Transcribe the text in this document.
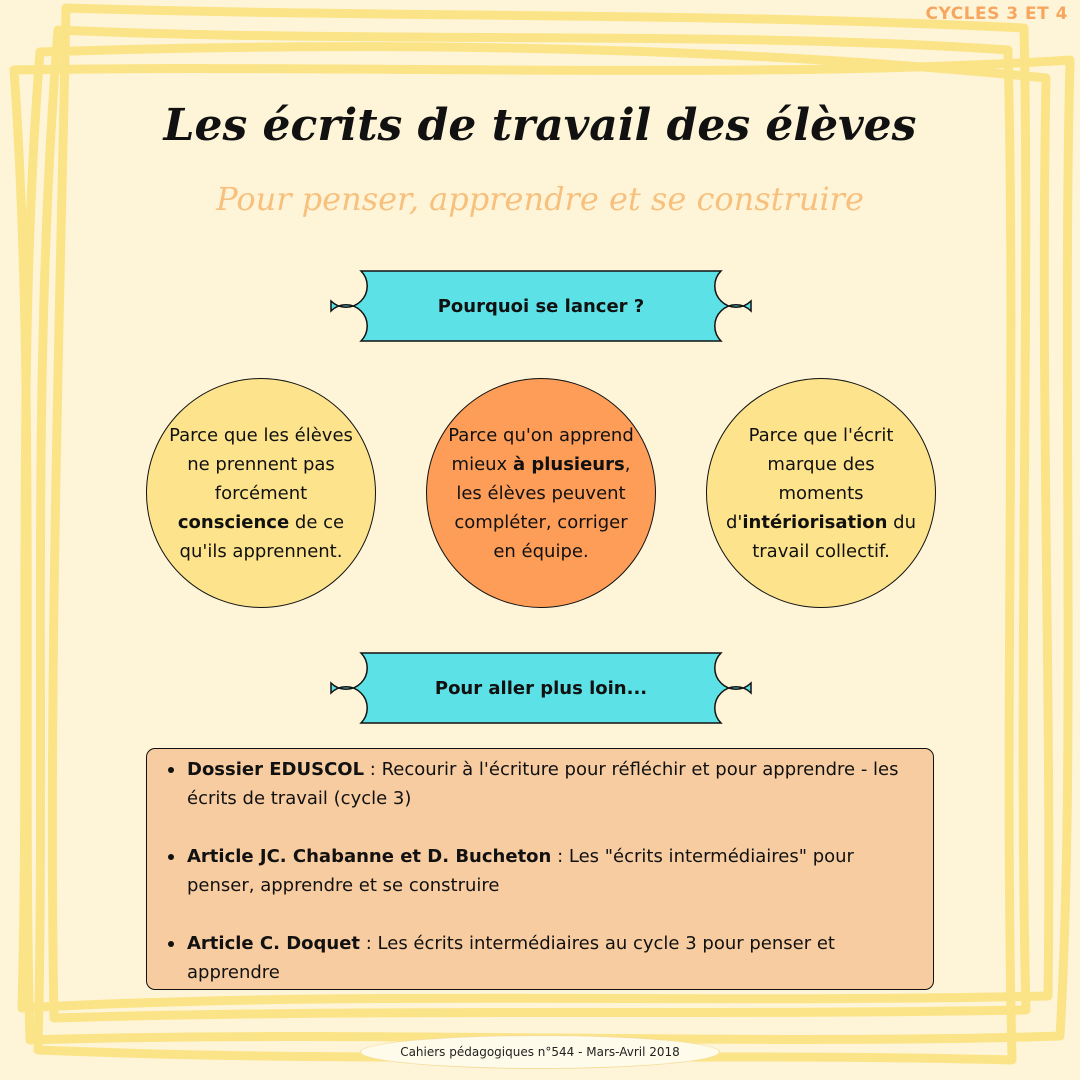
CYCLES 3 ET 4
Les écrits de travail des élèves
Pour penser, apprendre et se construire
Pourquoi se lancer ?
Parce que les élèves ne prennent pas forcément conscience de ce qu'ils apprennent.
Parce qu'on apprend mieux à plusieurs, les élèves peuvent compléter, corriger en équipe.
Parce que l'écrit marque des moments d'intériorisation du travail collectif.
Pour aller plus loin...
Dossier EDUSCOL : Recourir à l'écriture pour réfléchir et pour apprendre - les écrits de travail (cycle 3)
Article JC. Chabanne et D. Bucheton : Les "écrits intermédiaires" pour penser, apprendre et se construire
Article C. Doquet : Les écrits intermédiaires au cycle 3 pour penser et apprendre
Cahiers pédagogiques n°544 - Mars-Avril 2018
